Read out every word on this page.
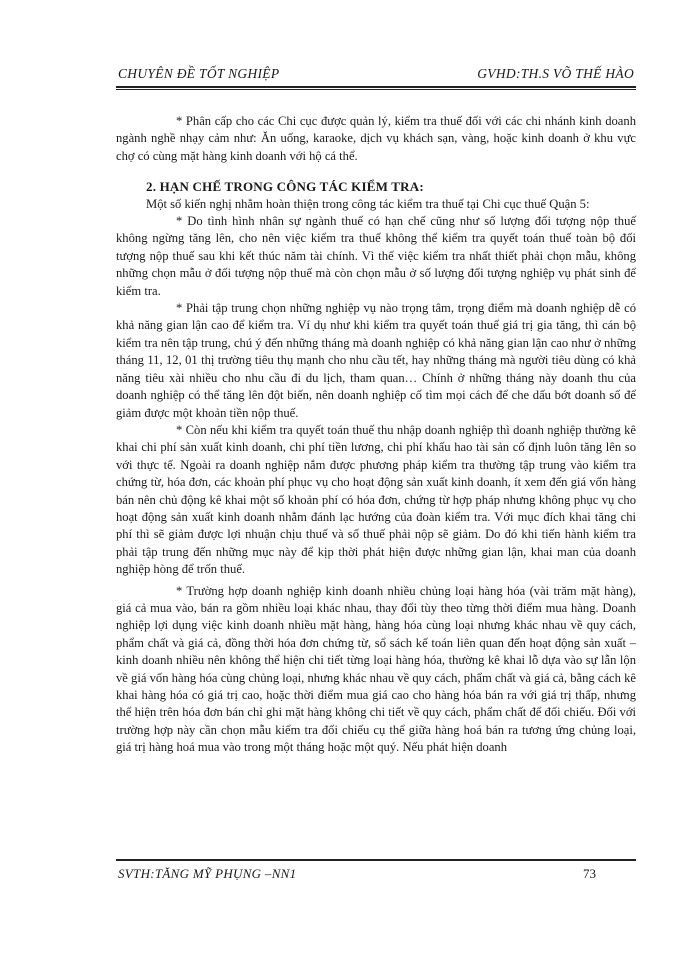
CHUYÊN ĐỀ TỐT NGHIỆP	GVHD:TH.S VÕ THẾ HÀO

* Phân cấp cho các Chi cục được quản lý, kiểm tra thuế đối với các chi nhánh kinh doanh ngành nghề nhạy cảm như: Ăn uống, karaoke, dịch vụ khách sạn, vàng, hoặc kinh doanh ở khu vực chợ có cùng mặt hàng kinh doanh với hộ cá thể.

2. HẠN CHẾ TRONG CÔNG TÁC KIỂM TRA:

Một số kiến nghị nhằm hoàn thiện trong công tác kiểm tra thuế tại Chi cục thuế Quận 5:

* Do tình hình nhân sự ngành thuế có hạn chế cũng như số lượng đối tượng nộp thuế không ngừng tăng lên, cho nên việc kiểm tra thuế không thể kiểm tra quyết toán thuế toàn bộ đối tượng nộp thuế sau khi kết thúc năm tài chính. Vì thế việc kiểm tra nhất thiết phải chọn mẫu, không những chọn mẫu ở đối tượng nộp thuế mà còn chọn mẫu ở số lượng đối tượng nghiệp vụ phát sinh để kiểm tra.

* Phải tập trung chọn những nghiệp vụ nào trọng tâm, trọng điểm mà doanh nghiệp dễ có khả năng gian lận cao để kiểm tra. Ví dụ như khi kiểm tra quyết toán thuế giá trị gia tăng, thì cán bộ kiểm tra nên tập trung, chú ý đến những tháng mà doanh nghiệp có khả năng gian lận cao như ở những tháng 11, 12, 01 thị trường tiêu thụ mạnh cho nhu cầu tết, hay những tháng mà người tiêu dùng có khả năng tiêu xài nhiều cho nhu cầu đi du lịch, tham quan… Chính ở những tháng này doanh thu của doanh nghiệp có thể tăng lên đột biến, nên doanh nghiệp cố tìm mọi cách để che dấu bớt doanh số để giảm được một khoản tiền nộp thuế.

* Còn nếu khi kiểm tra quyết toán thuế thu nhập doanh nghiệp thì doanh nghiệp thường kê khai chi phí sản xuất kinh doanh, chi phí tiền lương, chi phí khấu hao tài sản cố định luôn tăng lên so với thực tế. Ngoài ra doanh nghiệp nắm được phương pháp kiểm tra thường tập trung vào kiểm tra chứng từ, hóa đơn, các khoản phí phục vụ cho hoạt động sản xuất kinh doanh, ít xem đến giá vốn hàng bán nên chủ động kê khai một số khoản phí có hóa đơn, chứng từ hợp pháp nhưng không phục vụ cho hoạt động sản xuất kinh doanh nhằm đánh lạc hướng của đoàn kiểm tra. Với mục đích khai tăng chi phí thì sẽ giảm được lợi nhuận chịu thuế và số thuế phải nộp sẽ giảm. Do đó khi tiến hành kiểm tra phải tập trung đến những mục này để kịp thời phát hiện được những gian lận, khai man của doanh nghiệp hòng để trốn thuế.

* Trường hợp doanh nghiệp kinh doanh nhiều chủng loại hàng hóa (vài trăm mặt hàng), giá cả mua vào, bán ra gồm nhiều loại khác nhau, thay đổi tùy theo từng thời điểm mua hàng. Doanh nghiệp lợi dụng việc kinh doanh nhiều mặt hàng, hàng hóa cùng loại nhưng khác nhau về quy cách, phẩm chất và giá cả, đồng thời hóa đơn chứng từ, sổ sách kế toán liên quan đến hoạt động sản xuất – kinh doanh nhiều nên không thể hiện chi tiết từng loại hàng hóa, thường kê khai lỗ dựa vào sự lẫn lộn về giá vốn hàng hóa cùng chủng loại, nhưng khác nhau về quy cách, phẩm chất và giá cả, bằng cách kê khai hàng hóa có giá trị cao, hoặc thời điểm mua giá cao cho hàng hóa bán ra với giá trị thấp, nhưng thể hiện trên hóa đơn bán chỉ ghi mặt hàng không chi tiết về quy cách, phẩm chất để đối chiếu. Đối với trường hợp này cần chọn mẫu kiểm tra đối chiếu cụ thể giữa hàng hoá bán ra tương ứng chủng loại, giá trị hàng hoá mua vào trong một tháng hoặc một quý. Nếu phát hiện doanh

SVTH:TĂNG MỸ PHỤNG –NN1	73
